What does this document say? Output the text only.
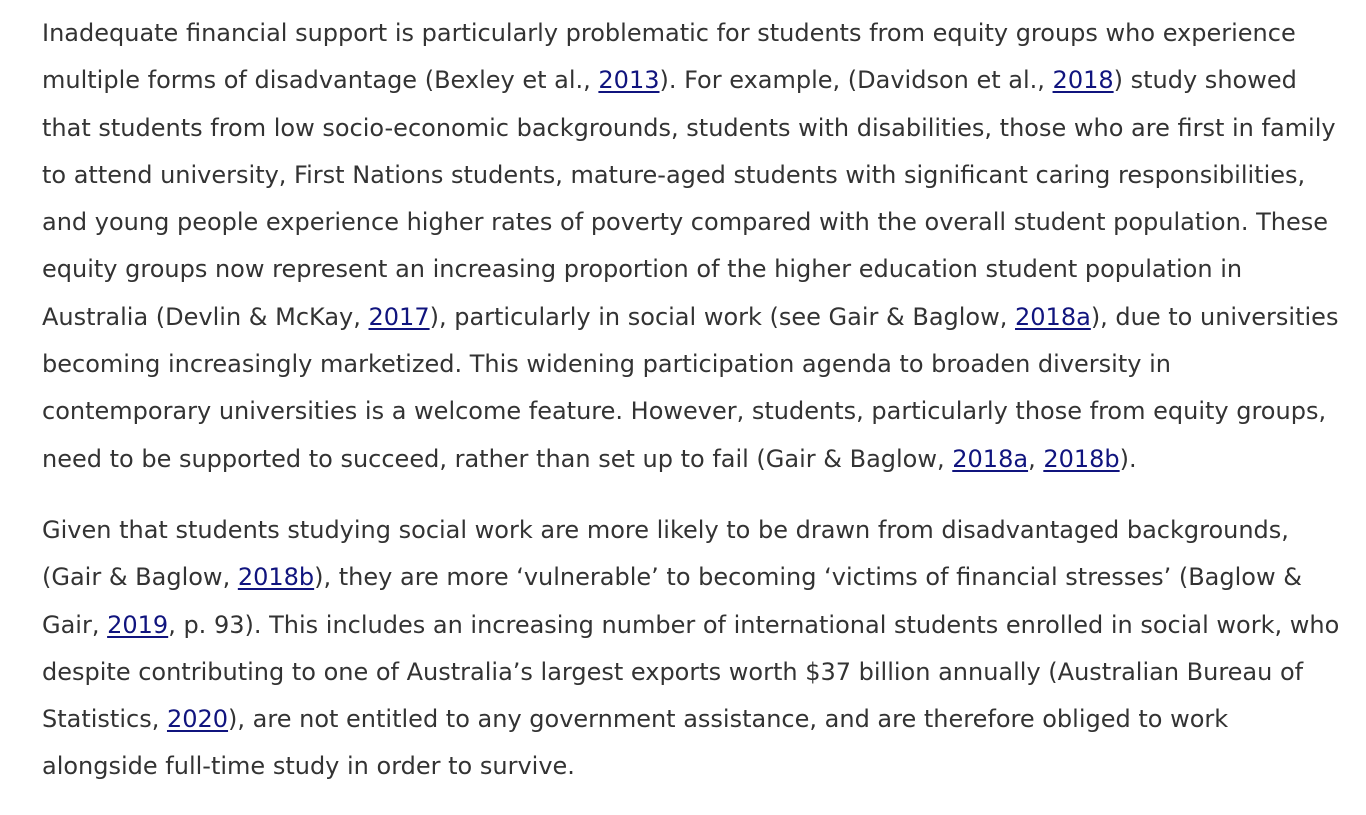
Inadequate financial support is particularly problematic for students from equity groups who experience multiple forms of disadvantage (Bexley et al., 2013). For example, (Davidson et al., 2018) study showed that students from low socio-economic backgrounds, students with disabilities, those who are first in family to attend university, First Nations students, mature-aged students with significant caring responsibilities, and young people experience higher rates of poverty compared with the overall student population. These equity groups now represent an increasing proportion of the higher education student population in Australia (Devlin & McKay, 2017), particularly in social work (see Gair & Baglow, 2018a), due to universities becoming increasingly marketized. This widening participation agenda to broaden diversity in contemporary universities is a welcome feature. However, students, particularly those from equity groups, need to be supported to succeed, rather than set up to fail (Gair & Baglow, 2018a, 2018b).

Given that students studying social work are more likely to be drawn from disadvantaged backgrounds, (Gair & Baglow, 2018b), they are more ‘vulnerable’ to becoming ‘victims of financial stresses’ (Baglow & Gair, 2019, p. 93). This includes an increasing number of international students enrolled in social work, who despite contributing to one of Australia’s largest exports worth $37 billion annually (Australian Bureau of Statistics, 2020), are not entitled to any government assistance, and are therefore obliged to work alongside full-time study in order to survive.
